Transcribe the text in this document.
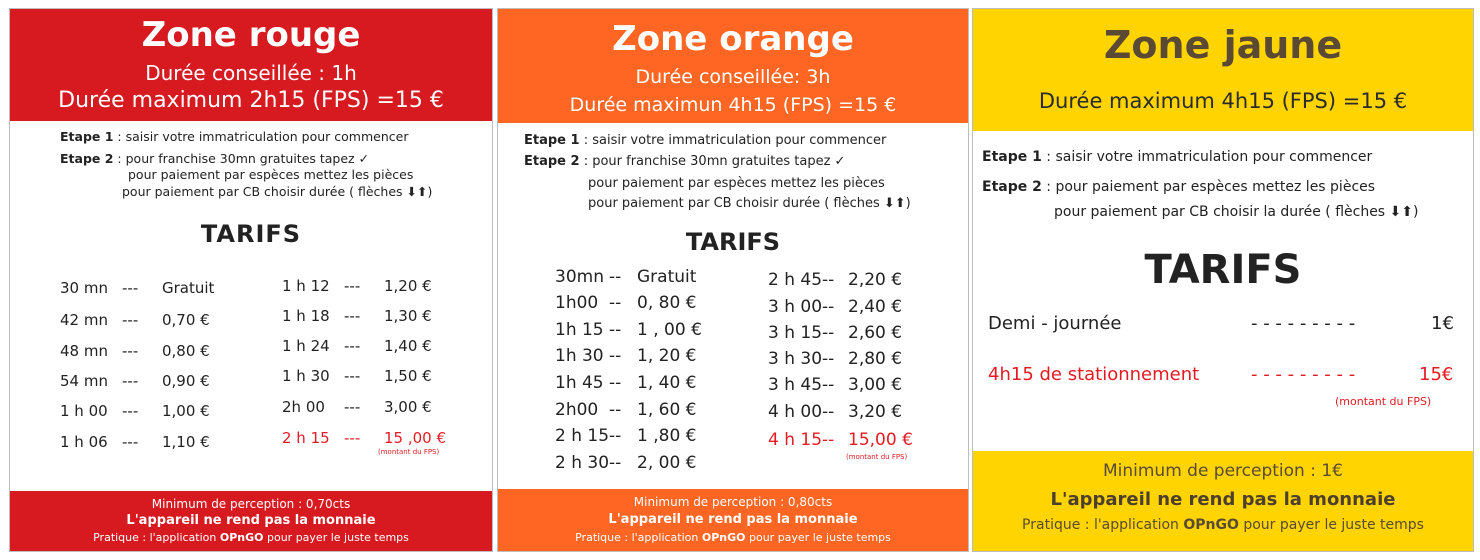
Zone rouge
Durée conseillée : 1h
Durée maximum 2h15 (FPS) =15 €
Etape 1 : saisir votre immatriculation pour commencer
Etape 2 : pour franchise 30mn gratuites tapez ✓
pour paiement par espèces mettez les pièces
pour paiement par CB choisir durée ( flèches ⬇⬆)
TARIFS
30 mn --- Gratuit
42 mn --- 0,70 €
48 mn --- 0,80 €
54 mn --- 0,90 €
1 h 00 --- 1,00 €
1 h 06 --- 1,10 €
1 h 12 --- 1,20 €
1 h 18 --- 1,30 €
1 h 24 --- 1,40 €
1 h 30 --- 1,50 €
2h 00 --- 3,00 €
2 h 15 --- 15 ,00 €
(montant du FPS)
Minimum de perception : 0,70cts
L'appareil ne rend pas la monnaie
Pratique : l'application OPnGO pour payer le juste temps
Zone orange
Durée conseillée: 3h
Durée maximun 4h15 (FPS) =15 €
Etape 1 : saisir votre immatriculation pour commencer
Etape 2 : pour franchise 30mn gratuites tapez ✓
pour paiement par espèces mettez les pièces
pour paiement par CB choisir durée ( flèches ⬇⬆)
TARIFS
30mn -- Gratuit
1h00 -- 0, 80 €
1h 15 -- 1 , 00 €
1h 30 -- 1, 20 €
1h 45 -- 1, 40 €
2h00 -- 1, 60 €
2 h 15-- 1 ,80 €
2 h 30-- 2, 00 €
2 h 45-- 2,20 €
3 h 00-- 2,40 €
3 h 15-- 2,60 €
3 h 30-- 2,80 €
3 h 45-- 3,00 €
4 h 00-- 3,20 €
4 h 15-- 15,00 €
(montant du FPS)
Minimum de perception : 0,80cts
L'appareil ne rend pas la monnaie
Pratique : l'application OPnGO pour payer le juste temps
Zone jaune
Durée maximum 4h15 (FPS) =15 €
Etape 1 : saisir votre immatriculation pour commencer
Etape 2 : pour paiement par espèces mettez les pièces
pour paiement par CB choisir la durée ( flèches ⬇⬆)
TARIFS
Demi - journée	- - - - - - - - -	1€
4h15 de stationnement	- - - - - - - - -	15€
(montant du FPS)
Minimum de perception : 1€
L'appareil ne rend pas la monnaie
Pratique : l'application OPnGO pour payer le juste temps
